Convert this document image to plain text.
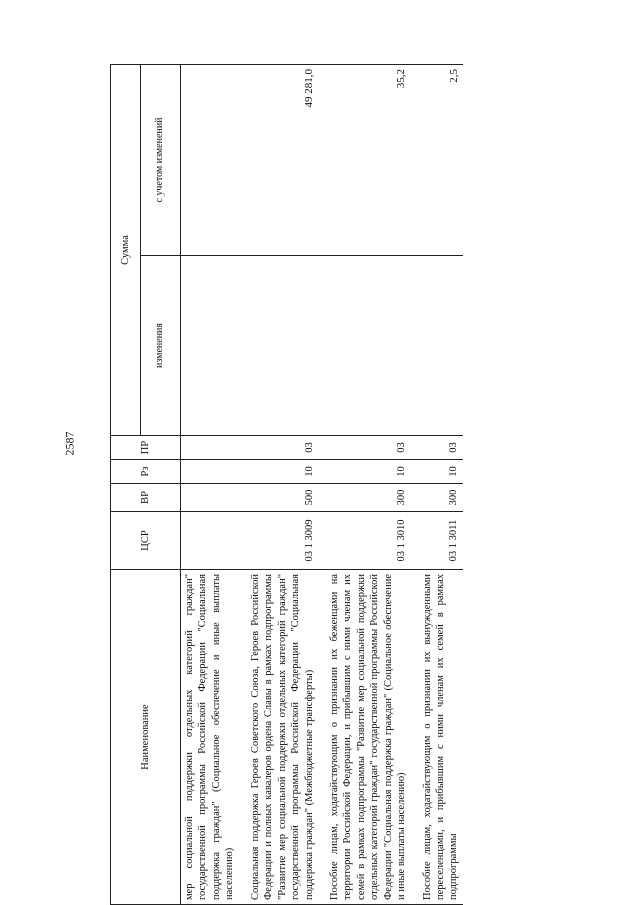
2587
Наименование	ЦСР	ВР	Рз	ПР	Сумма	
					изменения	с учетом изменений
мер социальной поддержки отдельных категорий граждан" государственной программы Российской Федерации "Социальная поддержка граждан" (Социальное обеспечение и иные выплаты населению)						
Социальная поддержка Героев Советского Союза, Героев Российской Федерации и полных кавалеров ордена Славы в рамках подпрограммы "Развитие мер социальной поддержки отдельных категорий граждан" государственной программы Российской Федерации "Социальная поддержка граждан" (Межбюджетные трансферты)	03 1 3009	500	10	03		49 281,0
Пособие лицам, ходатайствующим о признании их беженцами на территории Российской Федерации, и прибывшим с ними членам их семей в рамках подпрограммы "Развитие мер социальной поддержки отдельных категорий граждан" государственной программы Российской Федерации "Социальная поддержка граждан" (Социальное обеспечение и иные выплаты населению)	03 1 3010	300	10	03		35,2
Пособие лицам, ходатайствующим о признании их вынужденными переселенцами, и прибывшим с ними членам их семей в рамках подпрограммы	03 1 3011	300	10	03		2,5
